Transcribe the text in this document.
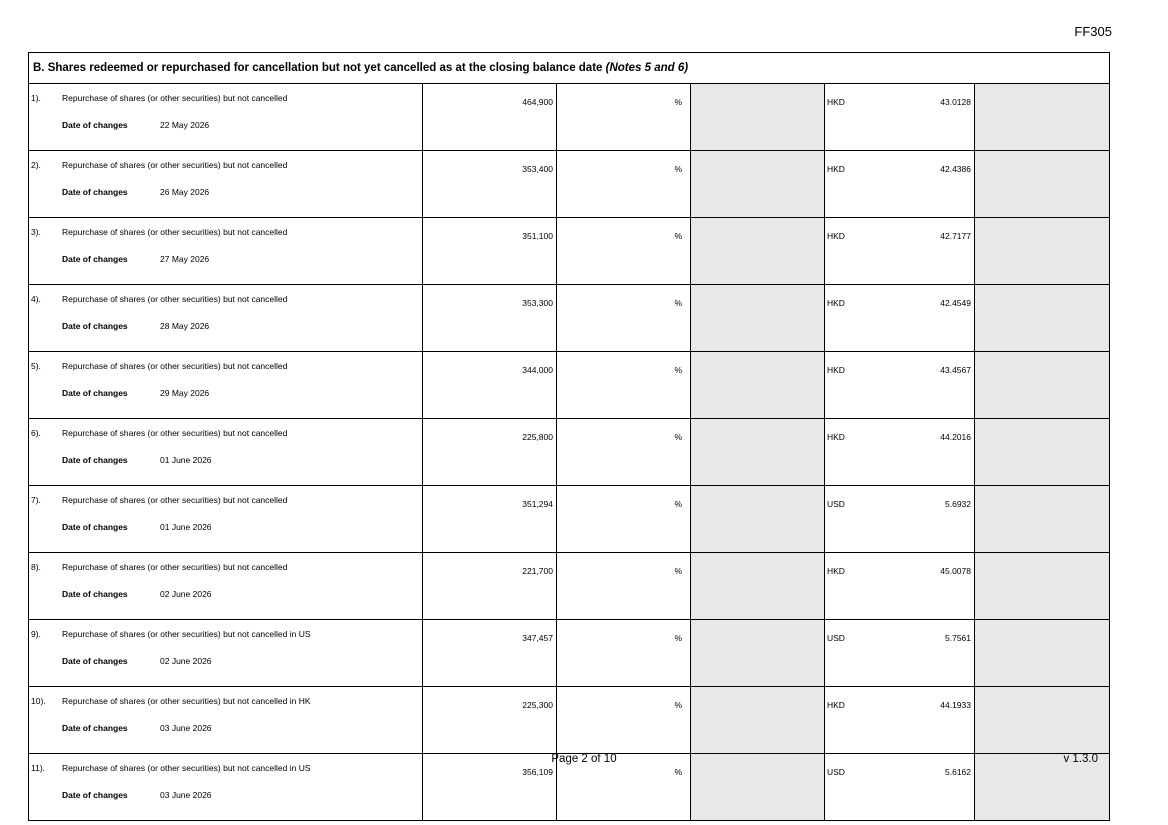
FF305
B. Shares redeemed or repurchased for cancellation but not yet cancelled as at the closing balance date (Notes 5 and 6)					

1). Repurchase of shares (or other securities) but not cancelled
Date of changes 22 May 2026	464,900	%		HKD 43.0128	

2). Repurchase of shares (or other securities) but not cancelled
Date of changes 26 May 2026	353,400	%		HKD 42.4386	

3). Repurchase of shares (or other securities) but not cancelled
Date of changes 27 May 2026	351,100	%		HKD 42.7177	

4). Repurchase of shares (or other securities) but not cancelled
Date of changes 28 May 2026	353,300	%		HKD 42.4549	

5). Repurchase of shares (or other securities) but not cancelled
Date of changes 29 May 2026	344,000	%		HKD 43.4567	

6). Repurchase of shares (or other securities) but not cancelled
Date of changes 01 June 2026	225,800	%		HKD 44.2016	

7). Repurchase of shares (or other securities) but not cancelled
Date of changes 01 June 2026	351,294	%		USD 5.6932	

8). Repurchase of shares (or other securities) but not cancelled
Date of changes 02 June 2026	221,700	%		HKD 45.0078	

9). Repurchase of shares (or other securities) but not cancelled in US
Date of changes 02 June 2026	347,457	%		USD 5.7561	

10). Repurchase of shares (or other securities) but not cancelled in HK
Date of changes 03 June 2026	225,300	%		HKD 44.1933	

11). Repurchase of shares (or other securities) but not cancelled in US
Date of changes 03 June 2026	356,109	%		USD 5.6162	

Page 2 of 10	v 1.3.0
